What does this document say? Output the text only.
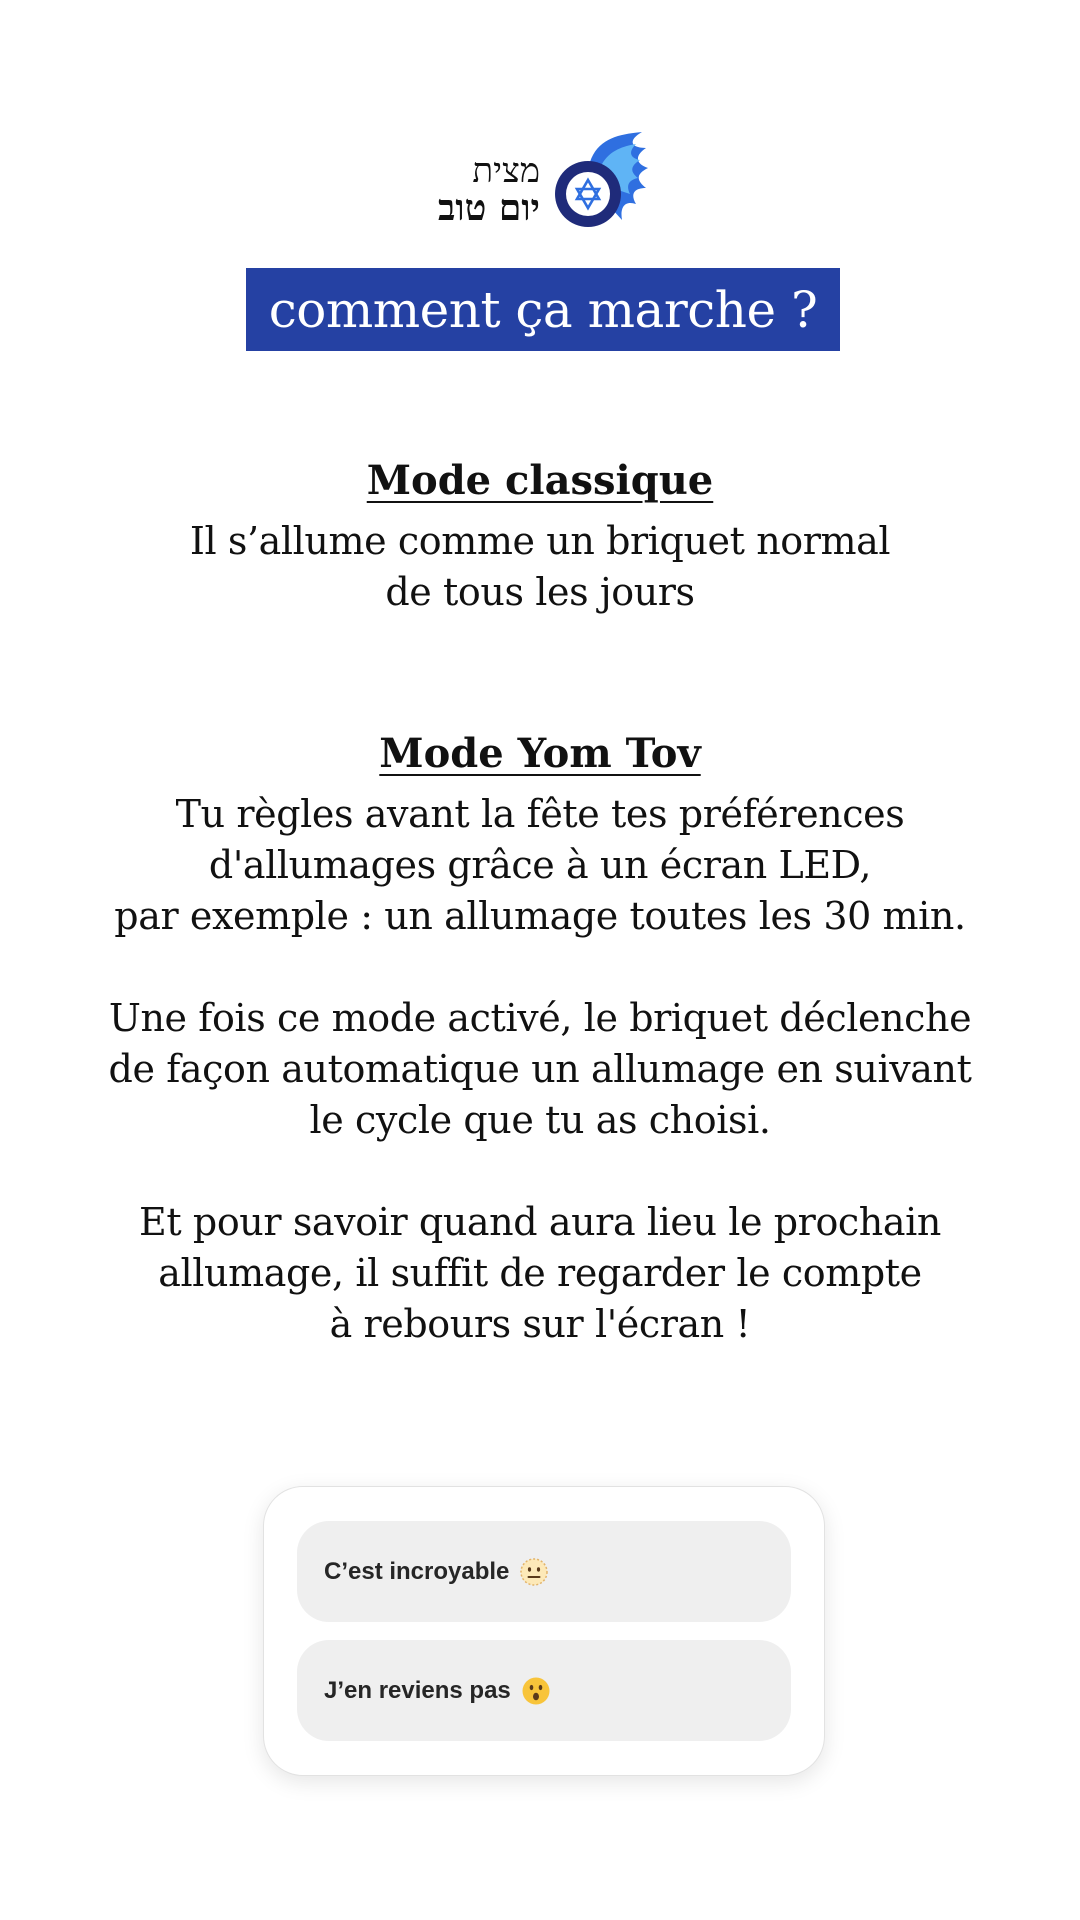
מצית
יום טוב
comment ça marche ?
Mode classique

Il s’allume comme un briquet normal
de tous les jours

Mode Yom Tov

Tu règles avant la fête tes préférences
d'allumages grâce à un écran LED,
par exemple : un allumage toutes les 30 min.

Une fois ce mode activé, le briquet déclenche
de façon automatique un allumage en suivant
le cycle que tu as choisi.

Et pour savoir quand aura lieu le prochain
allumage, il suffit de regarder le compte
à rebours sur l'écran !

C’est incroyable
J’en reviens pas
